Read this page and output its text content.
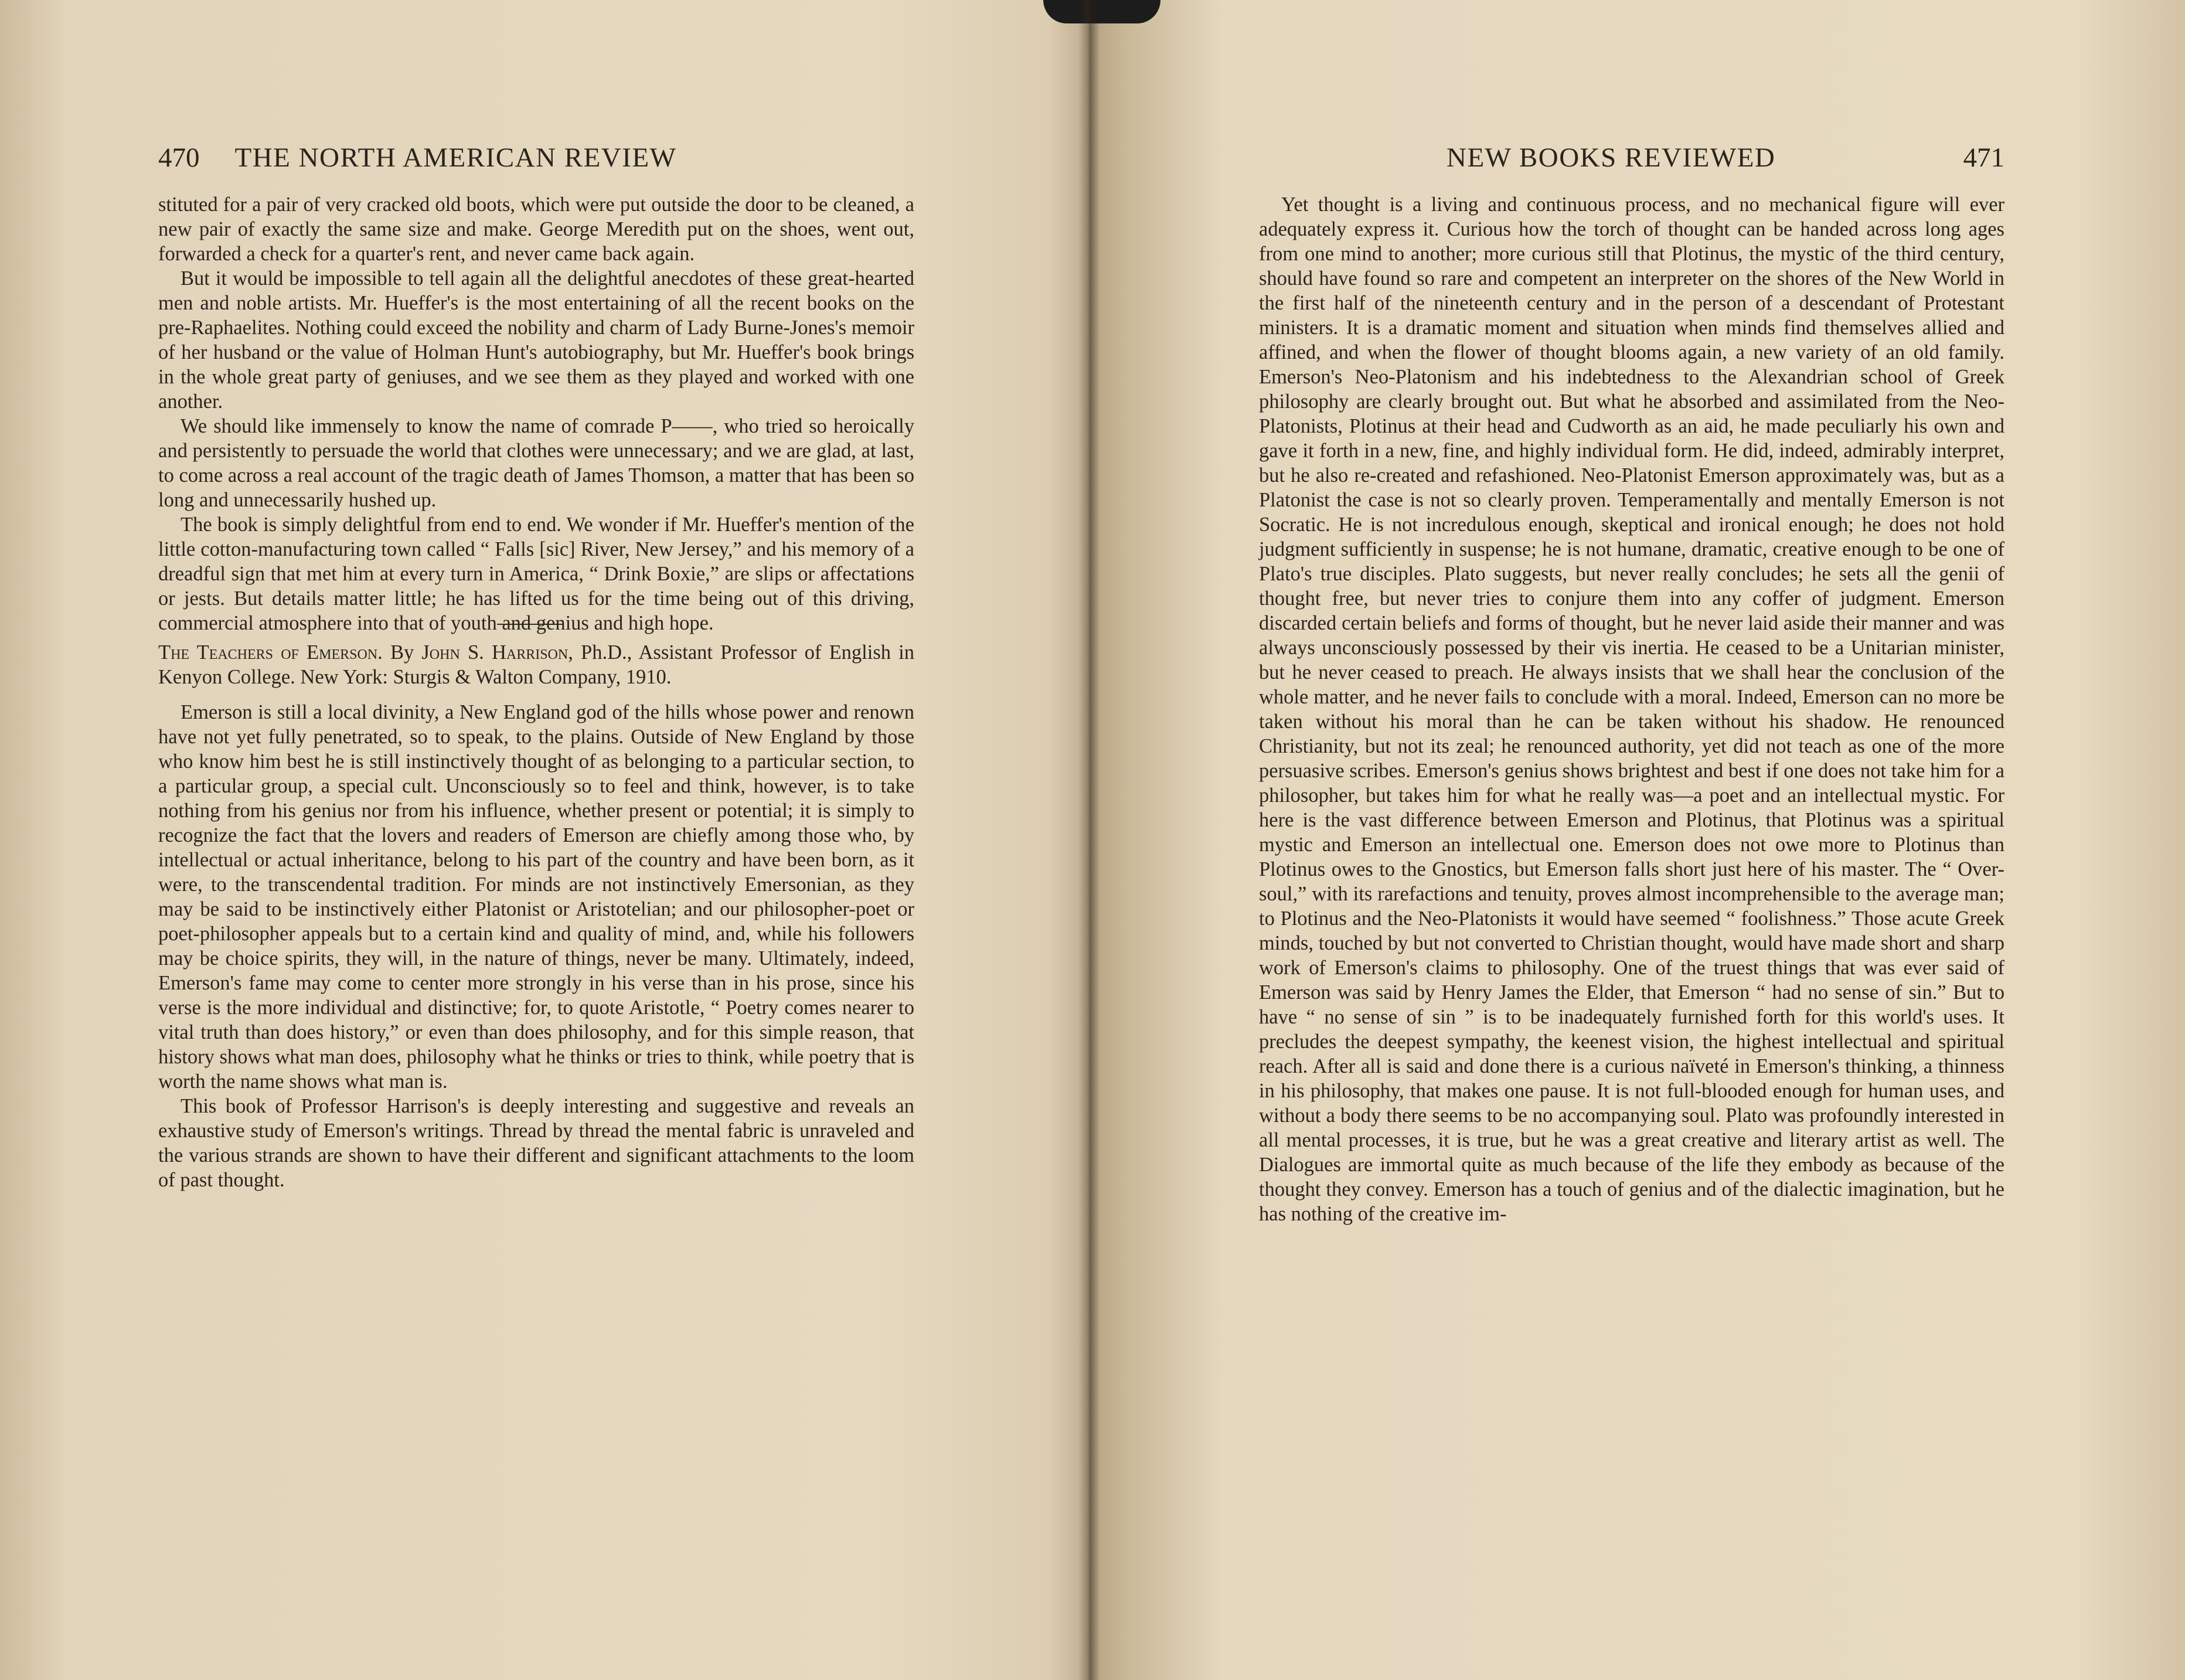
470 THE NORTH AMERICAN REVIEW

stituted for a pair of very cracked old boots, which were put outside the door to be cleaned, a new pair of exactly the same size and make. George Meredith put on the shoes, went out, forwarded a check for a quarter's rent, and never came back again.

But it would be impossible to tell again all the delightful anecdotes of these great-hearted men and noble artists. Mr. Hueffer's is the most entertaining of all the recent books on the pre-Raphaelites. Nothing could exceed the nobility and charm of Lady Burne-Jones's memoir of her husband or the value of Holman Hunt's autobiography, but Mr. Hueffer's book brings in the whole great party of geniuses, and we see them as they played and worked with one another.

We should like immensely to know the name of comrade P——, who tried so heroically and persistently to persuade the world that clothes were unnecessary; and we are glad, at last, to come across a real account of the tragic death of James Thomson, a matter that has been so long and unnecessarily hushed up.

The book is simply delightful from end to end. We wonder if Mr. Hueffer's mention of the little cotton-manufacturing town called “ Falls [sic] River, New Jersey,” and his memory of a dreadful sign that met him at every turn in America, “ Drink Boxie,” are slips or affectations or jests. But details matter little; he has lifted us for the time being out of this driving, commercial atmosphere into that of youth and genius and high hope.

The Teachers of Emerson. By John S. Harrison, Ph.D., Assistant Professor of English in Kenyon College. New York: Sturgis & Walton Company, 1910.

Emerson is still a local divinity, a New England god of the hills whose power and renown have not yet fully penetrated, so to speak, to the plains. Outside of New England by those who know him best he is still instinctively thought of as belonging to a particular section, to a particular group, a special cult. Unconsciously so to feel and think, however, is to take nothing from his genius nor from his influence, whether present or potential; it is simply to recognize the fact that the lovers and readers of Emerson are chiefly among those who, by intellectual or actual inheritance, belong to his part of the country and have been born, as it were, to the transcendental tradition. For minds are not instinctively Emersonian, as they may be said to be instinctively either Platonist or Aristotelian; and our philosopher-poet or poet-philosopher appeals but to a certain kind and quality of mind, and, while his followers may be choice spirits, they will, in the nature of things, never be many. Ultimately, indeed, Emerson's fame may come to center more strongly in his verse than in his prose, since his verse is the more individual and distinctive; for, to quote Aristotle, “ Poetry comes nearer to vital truth than does history,” or even than does philosophy, and for this simple reason, that history shows what man does, philosophy what he thinks or tries to think, while poetry that is worth the name shows what man is.

This book of Professor Harrison's is deeply interesting and suggestive and reveals an exhaustive study of Emerson's writings. Thread by thread the mental fabric is unraveled and the various strands are shown to have their different and significant attachments to the loom of past thought.

NEW BOOKS REVIEWED	471

Yet thought is a living and continuous process, and no mechanical figure will ever adequately express it. Curious how the torch of thought can be handed across long ages from one mind to another; more curious still that Plotinus, the mystic of the third century, should have found so rare and competent an interpreter on the shores of the New World in the first half of the nineteenth century and in the person of a descendant of Protestant ministers. It is a dramatic moment and situation when minds find themselves allied and affined, and when the flower of thought blooms again, a new variety of an old family. Emerson's Neo-Platonism and his indebtedness to the Alexandrian school of Greek philosophy are clearly brought out. But what he absorbed and assimilated from the Neo-Platonists, Plotinus at their head and Cudworth as an aid, he made peculiarly his own and gave it forth in a new, fine, and highly individual form. He did, indeed, admirably interpret, but he also re-created and refashioned. Neo-Platonist Emerson approximately was, but as a Platonist the case is not so clearly proven. Temperamentally and mentally Emerson is not Socratic. He is not incredulous enough, skeptical and ironical enough; he does not hold judgment sufficiently in suspense; he is not humane, dramatic, creative enough to be one of Plato's true disciples. Plato suggests, but never really concludes; he sets all the genii of thought free, but never tries to conjure them into any coffer of judgment. Emerson discarded certain beliefs and forms of thought, but he never laid aside their manner and was always unconsciously possessed by their vis inertia. He ceased to be a Unitarian minister, but he never ceased to preach. He always insists that we shall hear the conclusion of the whole matter, and he never fails to conclude with a moral. Indeed, Emerson can no more be taken without his moral than he can be taken without his shadow. He renounced Christianity, but not its zeal; he renounced authority, yet did not teach as one of the more persuasive scribes. Emerson's genius shows brightest and best if one does not take him for a philosopher, but takes him for what he really was—a poet and an intellectual mystic. For here is the vast difference between Emerson and Plotinus, that Plotinus was a spiritual mystic and Emerson an intellectual one. Emerson does not owe more to Plotinus than Plotinus owes to the Gnostics, but Emerson falls short just here of his master. The “ Over-soul,” with its rarefactions and tenuity, proves almost incomprehensible to the average man; to Plotinus and the Neo-Platonists it would have seemed “ foolishness.” Those acute Greek minds, touched by but not converted to Christian thought, would have made short and sharp work of Emerson's claims to philosophy. One of the truest things that was ever said of Emerson was said by Henry James the Elder, that Emerson “ had no sense of sin.” But to have “ no sense of sin ” is to be inadequately furnished forth for this world's uses. It precludes the deepest sympathy, the keenest vision, the highest intellectual and spiritual reach. After all is said and done there is a curious naïveté in Emerson's thinking, a thinness in his philosophy, that makes one pause. It is not full-blooded enough for human uses, and without a body there seems to be no accompanying soul. Plato was profoundly interested in all mental processes, it is true, but he was a great creative and literary artist as well. The Dialogues are immortal quite as much because of the life they embody as because of the thought they convey. Emerson has a touch of genius and of the dialectic imagination, but he has nothing of the creative im-
